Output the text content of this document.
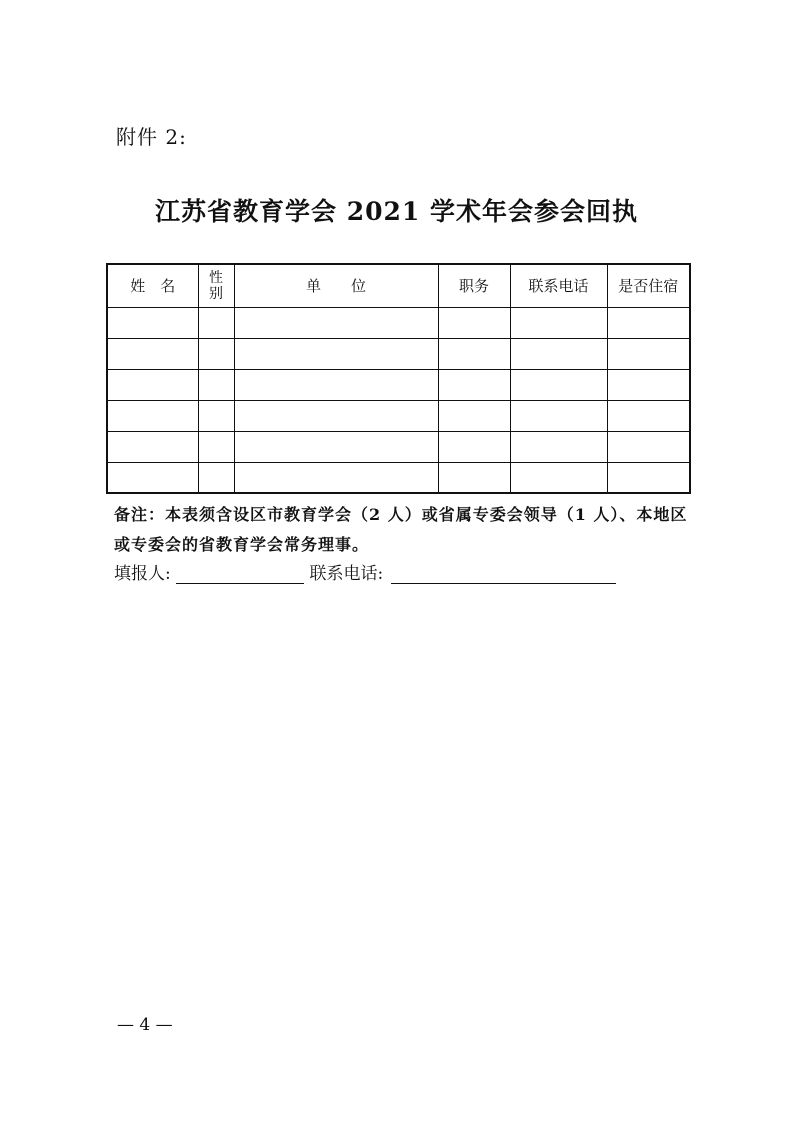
附件 2:
江苏省教育学会 2021 学术年会参会回执
姓　名	性别	单　　位	职务	联系电话	是否住宿

备注：本表须含设区市教育学会（2 人）或省属专委会领导（1 人）、本地区或专委会的省教育学会常务理事。
填报人:	联系电话:
— 4 —
